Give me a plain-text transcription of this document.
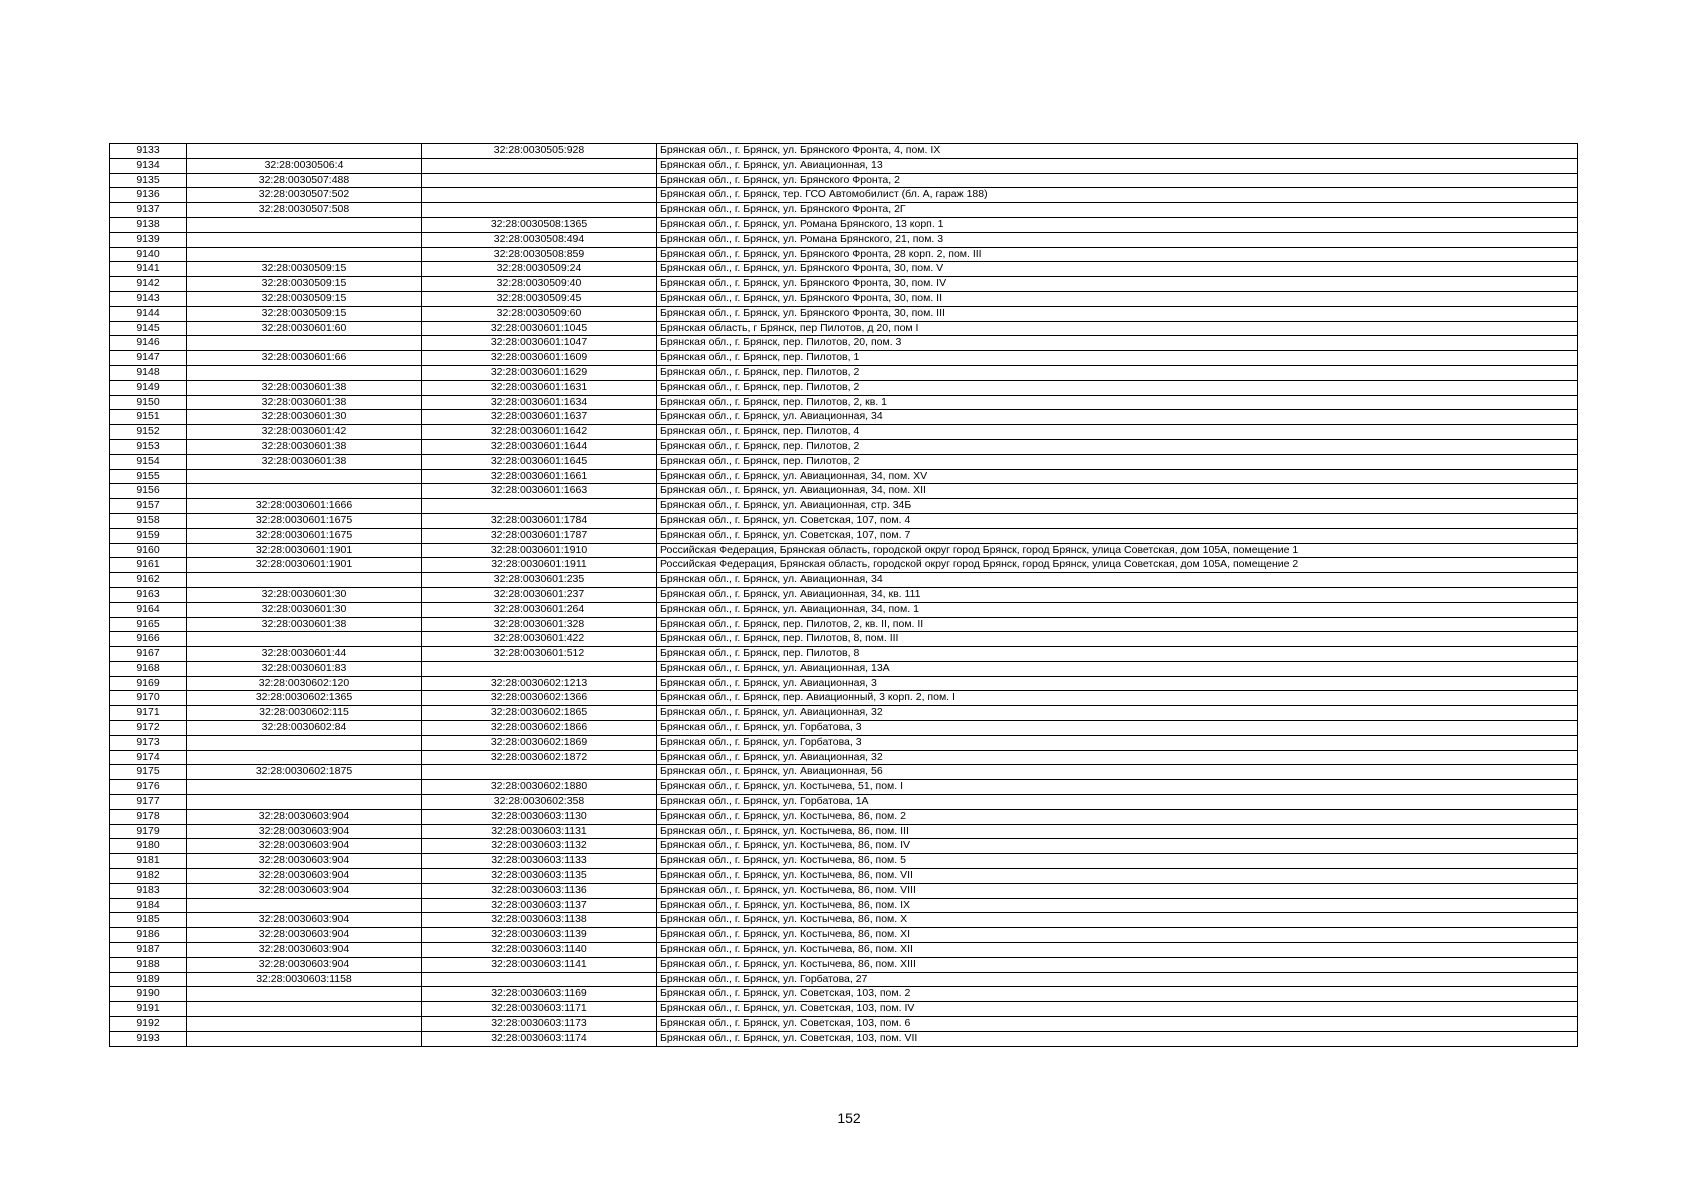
9133		32:28:0030505:928	Брянская обл., г. Брянск, ул. Брянского Фронта, 4, пом. IX
9134	32:28:0030506:4		Брянская обл., г. Брянск, ул. Авиационная, 13
9135	32:28:0030507:488		Брянская обл., г. Брянск, ул. Брянского Фронта, 2
9136	32:28:0030507:502		Брянская обл., г. Брянск, тер. ГСО Автомобилист (бл. А, гараж 188)
9137	32:28:0030507:508		Брянская обл., г. Брянск, ул. Брянского Фронта, 2Г
9138		32:28:0030508:1365	Брянская обл., г. Брянск, ул. Романа Брянского, 13 корп. 1
9139		32:28:0030508:494	Брянская обл., г. Брянск, ул. Романа Брянского, 21, пом. 3
9140		32:28:0030508:859	Брянская обл., г. Брянск, ул. Брянского Фронта, 28 корп. 2, пом. III
9141	32:28:0030509:15	32:28:0030509:24	Брянская обл., г. Брянск, ул. Брянского Фронта, 30, пом. V
9142	32:28:0030509:15	32:28:0030509:40	Брянская обл., г. Брянск, ул. Брянского Фронта, 30, пом. IV
9143	32:28:0030509:15	32:28:0030509:45	Брянская обл., г. Брянск, ул. Брянского Фронта, 30, пом. II
9144	32:28:0030509:15	32:28:0030509:60	Брянская обл., г. Брянск, ул. Брянского Фронта, 30, пом. III
9145	32:28:0030601:60	32:28:0030601:1045	Брянская область, г Брянск, пер Пилотов, д 20, пом I
9146		32:28:0030601:1047	Брянская обл., г. Брянск, пер. Пилотов, 20, пом. 3
9147	32:28:0030601:66	32:28:0030601:1609	Брянская обл., г. Брянск, пер. Пилотов, 1
9148		32:28:0030601:1629	Брянская обл., г. Брянск, пер. Пилотов, 2
9149	32:28:0030601:38	32:28:0030601:1631	Брянская обл., г. Брянск, пер. Пилотов, 2
9150	32:28:0030601:38	32:28:0030601:1634	Брянская обл., г. Брянск, пер. Пилотов, 2, кв. 1
9151	32:28:0030601:30	32:28:0030601:1637	Брянская обл., г. Брянск, ул. Авиационная, 34
9152	32:28:0030601:42	32:28:0030601:1642	Брянская обл., г. Брянск, пер. Пилотов, 4
9153	32:28:0030601:38	32:28:0030601:1644	Брянская обл., г. Брянск, пер. Пилотов, 2
9154	32:28:0030601:38	32:28:0030601:1645	Брянская обл., г. Брянск, пер. Пилотов, 2
9155		32:28:0030601:1661	Брянская обл., г. Брянск, ул. Авиационная, 34, пом. XV
9156		32:28:0030601:1663	Брянская обл., г. Брянск, ул. Авиационная, 34, пом. XII
9157	32:28:0030601:1666		Брянская обл., г. Брянск, ул. Авиационная, стр. 34Б
9158	32:28:0030601:1675	32:28:0030601:1784	Брянская обл., г. Брянск, ул. Советская, 107, пом. 4
9159	32:28:0030601:1675	32:28:0030601:1787	Брянская обл., г. Брянск, ул. Советская, 107, пом. 7
9160	32:28:0030601:1901	32:28:0030601:1910	Российская Федерация, Брянская область, городской округ город Брянск, город Брянск, улица Советская, дом 105А, помещение 1
9161	32:28:0030601:1901	32:28:0030601:1911	Российская Федерация, Брянская область, городской округ город Брянск, город Брянск, улица Советская, дом 105А, помещение 2
9162		32:28:0030601:235	Брянская обл., г. Брянск, ул. Авиационная, 34
9163	32:28:0030601:30	32:28:0030601:237	Брянская обл., г. Брянск, ул. Авиационная, 34, кв. 111
9164	32:28:0030601:30	32:28:0030601:264	Брянская обл., г. Брянск, ул. Авиационная, 34, пом. 1
9165	32:28:0030601:38	32:28:0030601:328	Брянская обл., г. Брянск, пер. Пилотов, 2, кв. II, пом. II
9166		32:28:0030601:422	Брянская обл., г. Брянск, пер. Пилотов, 8, пом. III
9167	32:28:0030601:44	32:28:0030601:512	Брянская обл., г. Брянск, пер. Пилотов, 8
9168	32:28:0030601:83		Брянская обл., г. Брянск, ул. Авиационная, 13А
9169	32:28:0030602:120	32:28:0030602:1213	Брянская обл., г. Брянск, ул. Авиационная, 3
9170	32:28:0030602:1365	32:28:0030602:1366	Брянская обл., г. Брянск, пер. Авиационный, 3 корп. 2, пом. I
9171	32:28:0030602:115	32:28:0030602:1865	Брянская обл., г. Брянск, ул. Авиационная, 32
9172	32:28:0030602:84	32:28:0030602:1866	Брянская обл., г. Брянск, ул. Горбатова, 3
9173		32:28:0030602:1869	Брянская обл., г. Брянск, ул. Горбатова, 3
9174		32:28:0030602:1872	Брянская обл., г. Брянск, ул. Авиационная, 32
9175	32:28:0030602:1875		Брянская обл., г. Брянск, ул. Авиационная, 56
9176		32:28:0030602:1880	Брянская обл., г. Брянск, ул. Костычева, 51, пом. I
9177		32:28:0030602:358	Брянская обл., г. Брянск, ул. Горбатова, 1А
9178	32:28:0030603:904	32:28:0030603:1130	Брянская обл., г. Брянск, ул. Костычева, 86, пом. 2
9179	32:28:0030603:904	32:28:0030603:1131	Брянская обл., г. Брянск, ул. Костычева, 86, пом. III
9180	32:28:0030603:904	32:28:0030603:1132	Брянская обл., г. Брянск, ул. Костычева, 86, пом. IV
9181	32:28:0030603:904	32:28:0030603:1133	Брянская обл., г. Брянск, ул. Костычева, 86, пом. 5
9182	32:28:0030603:904	32:28:0030603:1135	Брянская обл., г. Брянск, ул. Костычева, 86, пом. VII
9183	32:28:0030603:904	32:28:0030603:1136	Брянская обл., г. Брянск, ул. Костычева, 86, пом. VIII
9184		32:28:0030603:1137	Брянская обл., г. Брянск, ул. Костычева, 86, пом. IX
9185	32:28:0030603:904	32:28:0030603:1138	Брянская обл., г. Брянск, ул. Костычева, 86, пом. X
9186	32:28:0030603:904	32:28:0030603:1139	Брянская обл., г. Брянск, ул. Костычева, 86, пом. XI
9187	32:28:0030603:904	32:28:0030603:1140	Брянская обл., г. Брянск, ул. Костычева, 86, пом. XII
9188	32:28:0030603:904	32:28:0030603:1141	Брянская обл., г. Брянск, ул. Костычева, 86, пом. XIII
9189	32:28:0030603:1158		Брянская обл., г. Брянск, ул. Горбатова, 27
9190		32:28:0030603:1169	Брянская обл., г. Брянск, ул. Советская, 103, пом. 2
9191		32:28:0030603:1171	Брянская обл., г. Брянск, ул. Советская, 103, пом. IV
9192		32:28:0030603:1173	Брянская обл., г. Брянск, ул. Советская, 103, пом. 6
9193		32:28:0030603:1174	Брянская обл., г. Брянск, ул. Советская, 103, пом. VII
152
